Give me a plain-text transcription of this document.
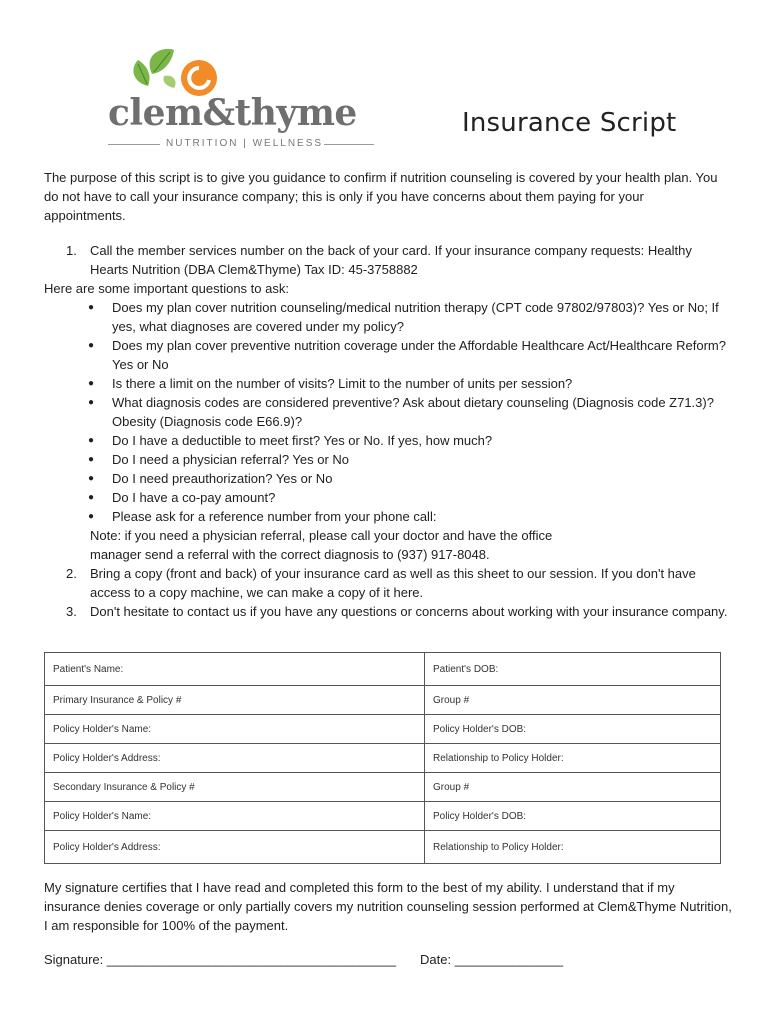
clem&thyme
NUTRITION | WELLNESS
Insurance Script
The purpose of this script is to give you guidance to confirm if nutrition counseling is covered by your health plan. You do not have to call your insurance company; this is only if you have concerns about them paying for your appointments.
1.	Call the member services number on the back of your card. If your insurance company requests: Healthy Hearts Nutrition (DBA Clem&Thyme) Tax ID: 45-3758882
Here are some important questions to ask:
● Does my plan cover nutrition counseling/medical nutrition therapy (CPT code 97802/97803)? Yes or No; If yes, what diagnoses are covered under my policy?
● Does my plan cover preventive nutrition coverage under the Affordable Healthcare Act/Healthcare Reform? Yes or No
● Is there a limit on the number of visits? Limit to the number of units per session?
● What diagnosis codes are considered preventive? Ask about dietary counseling (Diagnosis code Z71.3)? Obesity (Diagnosis code E66.9)?
● Do I have a deductible to meet first? Yes or No. If yes, how much?
● Do I need a physician referral? Yes or No
● Do I need preauthorization? Yes or No
● Do I have a co-pay amount?
● Please ask for a reference number from your phone call:
Note: if you need a physician referral, please call your doctor and have the office
manager send a referral with the correct diagnosis to (937) 917-8048.
2.	Bring a copy (front and back) of your insurance card as well as this sheet to our session. If you don't have access to a copy machine, we can make a copy of it here.
3.	Don't hesitate to contact us if you have any questions or concerns about working with your insurance company.
Patient's Name:	Patient's DOB:
Primary Insurance & Policy #	Group #
Policy Holder's Name:	Policy Holder's DOB:
Policy Holder's Address:	Relationship to Policy Holder:
Secondary Insurance & Policy #	Group #
Policy Holder's Name:	Policy Holder's DOB:
Policy Holder's Address:	Relationship to Policy Holder:
My signature certifies that I have read and completed this form to the best of my ability. I understand that if my insurance denies coverage or only partially covers my nutrition counseling session performed at Clem&Thyme Nutrition, I am responsible for 100% of the payment.
Signature: ________________________________________ Date: _______________
